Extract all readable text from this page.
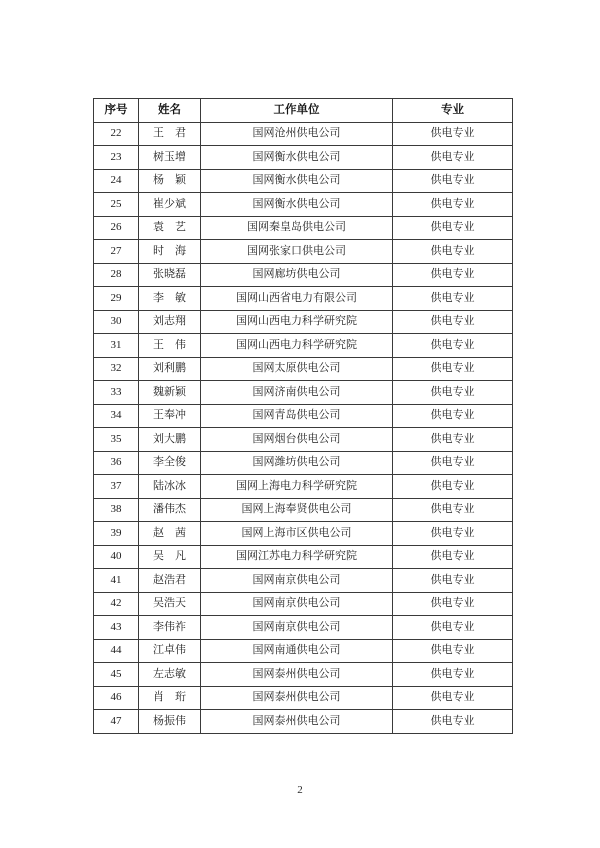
序号	姓名	工作单位	专业
22	王　君	国网沧州供电公司	供电专业
23	树玉增	国网衡水供电公司	供电专业
24	杨　颖	国网衡水供电公司	供电专业
25	崔少斌	国网衡水供电公司	供电专业
26	袁　艺	国网秦皇岛供电公司	供电专业
27	时　海	国网张家口供电公司	供电专业
28	张晓磊	国网廊坊供电公司	供电专业
29	李　敏	国网山西省电力有限公司	供电专业
30	刘志翔	国网山西电力科学研究院	供电专业
31	王　伟	国网山西电力科学研究院	供电专业
32	刘利鹏	国网太原供电公司	供电专业
33	魏新颖	国网济南供电公司	供电专业
34	王奉冲	国网青岛供电公司	供电专业
35	刘大鹏	国网烟台供电公司	供电专业
36	李全俊	国网潍坊供电公司	供电专业
37	陆冰冰	国网上海电力科学研究院	供电专业
38	潘伟杰	国网上海奉贤供电公司	供电专业
39	赵　茜	国网上海市区供电公司	供电专业
40	吴　凡	国网江苏电力科学研究院	供电专业
41	赵浩君	国网南京供电公司	供电专业
42	吴浩天	国网南京供电公司	供电专业
43	李伟祚	国网南京供电公司	供电专业
44	江卓伟	国网南通供电公司	供电专业
45	左志敏	国网泰州供电公司	供电专业
46	肖　珩	国网泰州供电公司	供电专业
47	杨振伟	国网泰州供电公司	供电专业
2
